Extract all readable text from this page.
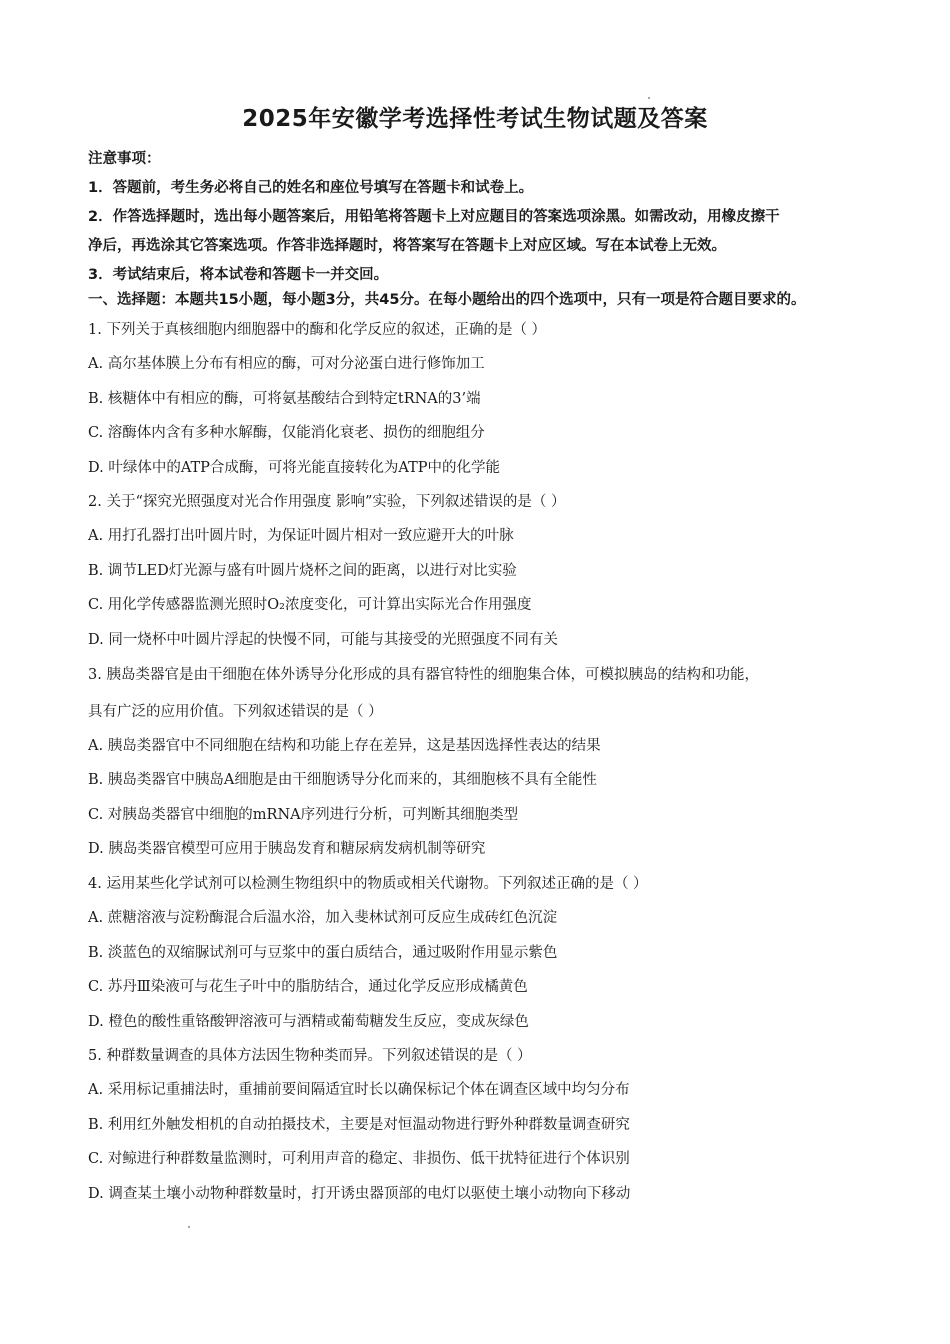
2025年安徽学考选择性考试生物试题及答案
注意事项：
1．答题前，考生务必将自己的姓名和座位号填写在答题卡和试卷上。
2．作答选择题时，选出每小题答案后，用铅笔将答题卡上对应题目的答案选项涂黑。如需改动，用橡皮擦干
净后，再选涂其它答案选项。作答非选择题时，将答案写在答题卡上对应区域。写在本试卷上无效。
3．考试结束后，将本试卷和答题卡一并交回。
一、选择题：本题共15小题，每小题3分，共45分。在每小题给出的四个选项中，只有一项是符合题目要求的。
1. 下列关于真核细胞内细胞器中的酶和化学反应的叙述，正确的是（ ）
A. 高尔基体膜上分布有相应的酶，可对分泌蛋白进行修饰加工
B. 核糖体中有相应的酶，可将氨基酸结合到特定tRNA的3’端
C. 溶酶体内含有多种水解酶，仅能消化衰老、损伤的细胞组分
D. 叶绿体中的ATP合成酶，可将光能直接转化为ATP中的化学能
2. 关于“探究光照强度对光合作用强度 影响”实验，下列叙述错误的是（ ）
A. 用打孔器打出叶圆片时，为保证叶圆片相对一致应避开大的叶脉
B. 调节LED灯光源与盛有叶圆片烧杯之间的距离，以进行对比实验
C. 用化学传感器监测光照时O₂浓度变化，可计算出实际光合作用强度
D. 同一烧杯中叶圆片浮起的快慢不同，可能与其接受的光照强度不同有关
3. 胰岛类器官是由干细胞在体外诱导分化形成的具有器官特性的细胞集合体，可模拟胰岛的结构和功能，
具有广泛的应用价值。下列叙述错误的是（ ）
A. 胰岛类器官中不同细胞在结构和功能上存在差异，这是基因选择性表达的结果
B. 胰岛类器官中胰岛A细胞是由干细胞诱导分化而来的，其细胞核不具有全能性
C. 对胰岛类器官中细胞的mRNA序列进行分析，可判断其细胞类型
D. 胰岛类器官模型可应用于胰岛发育和糖尿病发病机制等研究
4. 运用某些化学试剂可以检测生物组织中的物质或相关代谢物。下列叙述正确的是（ ）
A. 蔗糖溶液与淀粉酶混合后温水浴，加入斐林试剂可反应生成砖红色沉淀
B. 淡蓝色的双缩脲试剂可与豆浆中的蛋白质结合，通过吸附作用显示紫色
C. 苏丹Ⅲ染液可与花生子叶中的脂肪结合，通过化学反应形成橘黄色
D. 橙色的酸性重铬酸钾溶液可与酒精或葡萄糖发生反应，变成灰绿色
5. 种群数量调查的具体方法因生物种类而异。下列叙述错误的是（ ）
A. 采用标记重捕法时，重捕前要间隔适宜时长以确保标记个体在调查区域中均匀分布
B. 利用红外触发相机的自动拍摄技术，主要是对恒温动物进行野外种群数量调查研究
C. 对鲸进行种群数量监测时，可利用声音的稳定、非损伤、低干扰特征进行个体识别
D. 调查某土壤小动物种群数量时，打开诱虫器顶部的电灯以驱使土壤小动物向下移动
